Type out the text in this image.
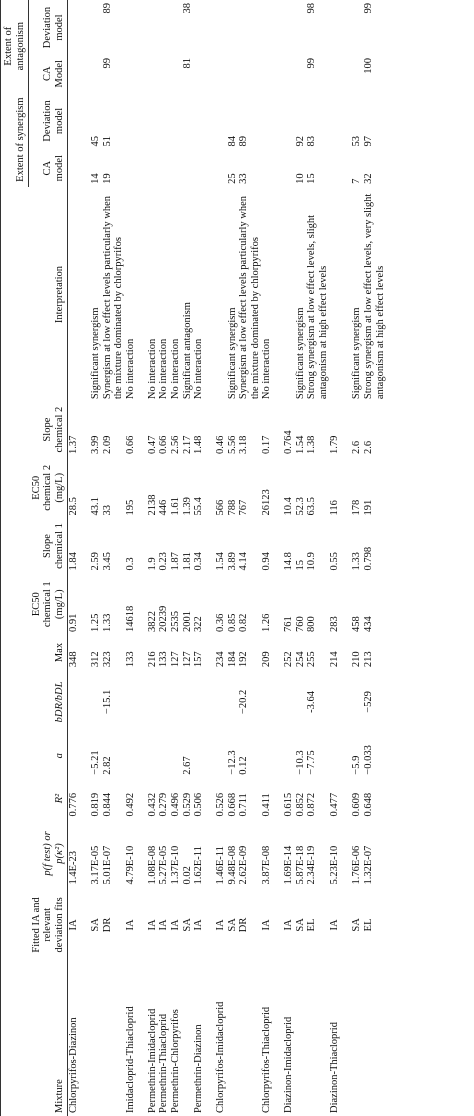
												Extent of synergism		Extent of antagonism	
Mixture	Fitted IA and relevant deviation fits	p(f test) or p(κ²)	R²	a	bDR/bDL	Max	EC50 chemical 1 (mg/L)	Slope chemical 1	EC50 chemical 2 (mg/L)	Slope chemical 2	Interpretation	CA model	Deviation model	CA Model	Deviation model
Chlorpyrifos-Diazinon	IA	1.4E-23	0.776			348	0.91	1.84	28.5	1.37					
	SA	3.17E-05	0.819	−5.21		312	1.25	2.59	43.1	3.99	Significant synergism	14	45		
	DR	5.01E-07	0.844	2.82	−15.1	323	1.33	3.45	33	2.09	Synergism at low effect levels particularly when the mixture dominated by chlorpyrifos	19	51	99	89
Imidacloprid-Thiacloprid	IA	4.79E-10	0.492			133	14618	0.3	195	0.66	No interaction				
Permethrin-Imidacloprid	IA	1.08E-08	0.432			216	3822	1.9	2138	0.47	No interaction				
Permethrin-Thiacloprid	IA	5.27E-05	0.279			133	20239	0.23	446	0.66	No interaction				
Permethrin-Chlorpyrifos	IA	1.37E-10	0.496			127	2535	1.87	1.61	2.56	No interaction				
	SA	0.02	0.529	2.67		127	2001	1.81	1.39	2.17	Significant antagonism			81	38
Permethrin-Diazinon	IA	1.62E-11	0.506			157	322	0.34	55.4	1.48	No interaction				
Chlorpyrifos-Imidacloprid	IA	1.46E-11	0.526			234	0.36	1.54	566	0.46					
	SA	9.48E-08	0.668	−12.3		184	0.85	3.89	788	5.56	Significant synergism	25	84		
	DR	2.62E-09	0.711	0.12	−20.2	192	0.82	4.14	767	3.18	Synergism at low effect levels particularly when the mixture dominated by chlorpyrifos	33	89		
Chlorpyrifos-Thiacloprid	IA	3.87E-08	0.411			209	1.26	0.94	26123	0.17	No interaction				
Diazinon-Imidacloprid	IA	1.69E-14	0.615			252	761	14.8	10.4	0.764					
	SA	5.87E-18	0.852	−10.3		254	760	15	52.3	1.54	Significant synergism	10	92		
	EL	2.34E-19	0.872	−7.75	-3.64	255	800	10.9	63.5	1.38	Strong synergism at low effect levels, slight antagonism at high effect levels	15	83	99	98
Diazinon-Thiacloprid	IA	5.23E-10	0.477			214	283	0.55	116	1.79					
	SA	1.76E-06	0.609	−5.9		210	458	1.33	178	2.6	Significant synergism	7	53		
	EL	1.32E-07	0.648	−0.033	−529	213	434	0.798	191	2.6	Strong synergism at low effect levels, very slight antagonism at high effect levels	32	97	100	99
